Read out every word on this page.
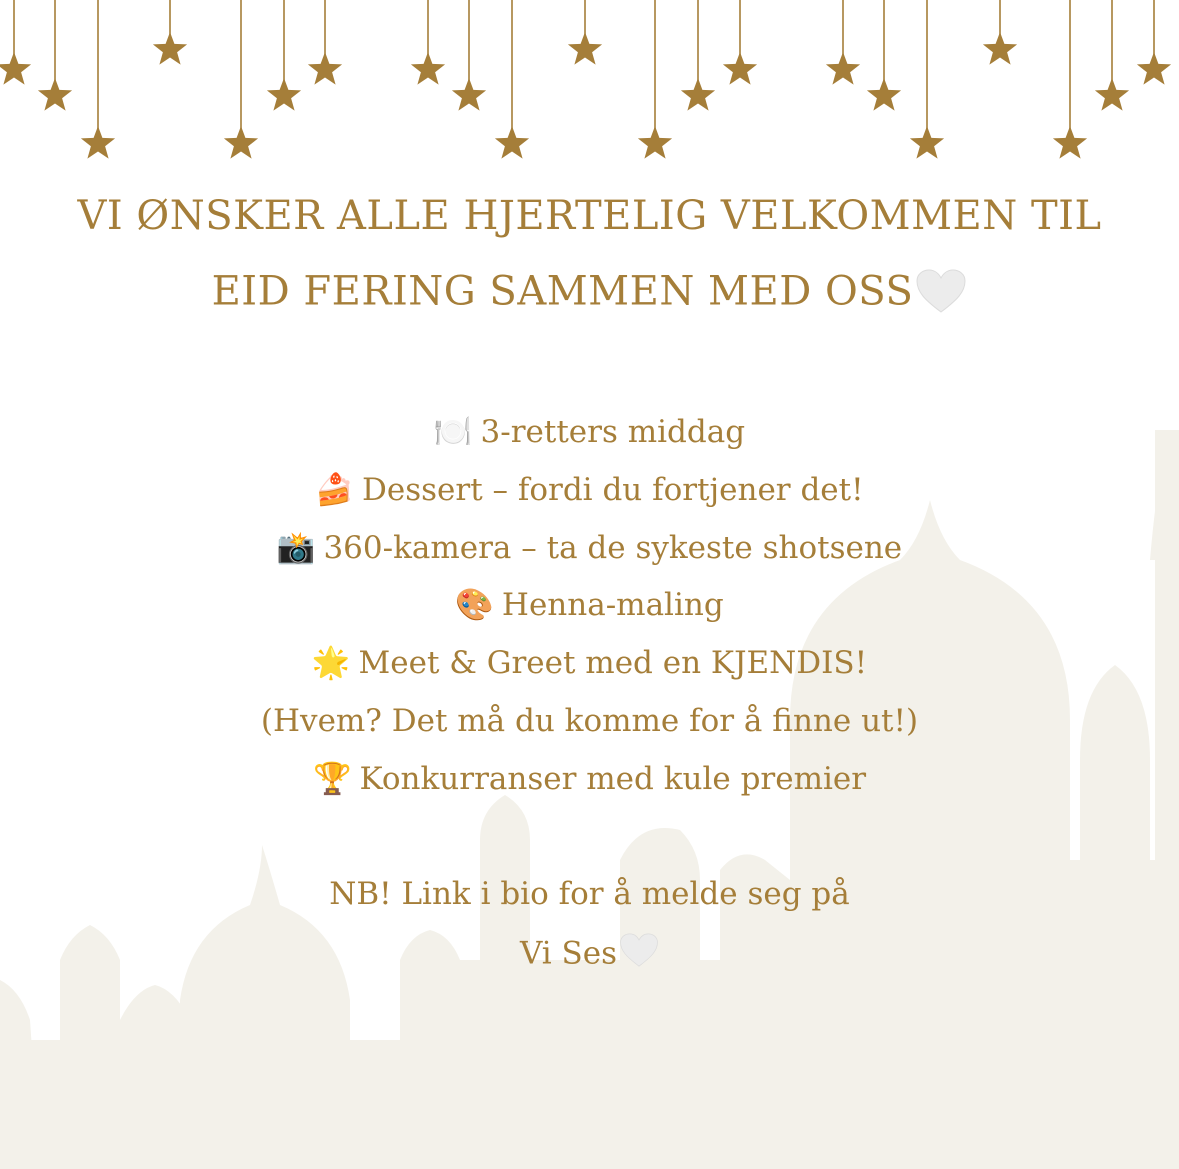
VI ØNSKER ALLE HJERTELIG VELKOMMEN TIL
EID FERING SAMMEN MED OSS
🍽️ 3-retters middag
🍰 Dessert – fordi du fortjener det!
📸 360-kamera – ta de sykeste shotsene
🎨 Henna-maling
🌟 Meet & Greet med en KJENDIS!
(Hvem? Det må du komme for å finne ut!)
🏆 Konkurranser med kule premier
NB! Link i bio for å melde seg på
Vi Ses
